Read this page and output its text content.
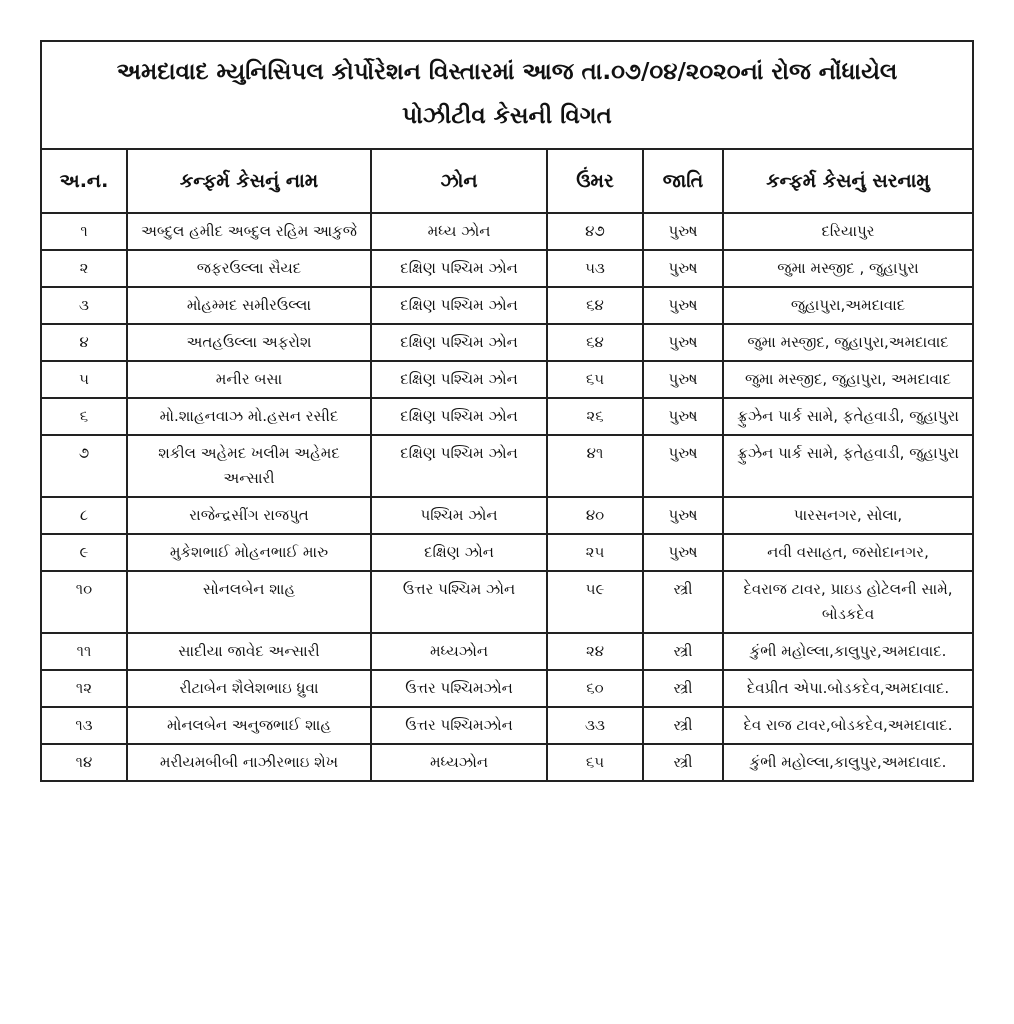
અમદાવાદ મ્યુનિસિપલ કોર્પોરેશન વિસ્તારમાં આજ તા.૦૭/૦૪/૨૦૨૦નાં રોજ નોંધાયેલ
પોઝીટીવ કેસની વિગત
અ.ન.	કન્ફર્મ કેસનું નામ	ઝોન	ઉંમર	જાતિ	કન્ફર્મ કેસનું સરનામુ
૧	અબ્દુલ હમીદ અબ્દુલ રહિમ આકુજે	મધ્ય ઝોન	૪૭	પુરુષ	દરિયાપુર
૨	જફરઉલ્લા સૈયદ	દક્ષિણ પશ્ચિમ ઝોન	૫૩	પુરુષ	જુમા મસ્જીદ , જુહાપુરા
૩	મોહમ્મદ સમીરઉલ્લા	દક્ષિણ પશ્ચિમ ઝોન	૬૪	પુરુષ	જુહાપુરા,અમદાવાદ
૪	અતહઉલ્લા અફરોશ	દક્ષિણ પશ્ચિમ ઝોન	૬૪	પુરુષ	જુમા મસ્જીદ, જુહાપુરા,અમદાવાદ
૫	મનીર બસા	દક્ષિણ પશ્ચિમ ઝોન	૬૫	પુરુષ	જુમા મસ્જીદ, જુહાપુરા, અમદાવાદ
૬	મો.શાહનવાઝ મો.હસન રસીદ	દક્ષિણ પશ્ચિમ ઝોન	૨૬	પુરુષ	ફ્રુઝેન પાર્ક સામે, ફતેહવાડી, જુહાપુરા
૭	શકીલ અહેમદ ખલીમ અહેમદ અન્સારી	દક્ષિણ પશ્ચિમ ઝોન	૪૧	પુરુષ	ફ્રુઝેન પાર્ક સામે, ફતેહવાડી, જુહાપુરા
૮	રાજેન્દ્રસીંગ રાજપુત	પશ્ચિમ ઝોન	૪૦	પુરુષ	પારસનગર, સોલા,
૯	મુકેશભાઈ મોહનભાઈ મારુ	દક્ષિણ ઝોન	૨૫	પુરુષ	નવી વસાહત, જસોદાનગર,
૧૦	સોનલબેન શાહ	ઉત્તર પશ્ચિમ ઝોન	૫૯	સ્ત્રી	દેવરાજ ટાવર, પ્રાઇડ હોટેલની સામે, બોડકદેવ
૧૧	સાદીયા જાવેદ અન્સારી	મધ્યઝોન	૨૪	સ્ત્રી	કુંભી મહોલ્લા,કાલુપુર,અમદાવાદ.
૧૨	રીટાબેન શૈલેશભાઇ ધ્રુવા	ઉત્તર પશ્ચિમઝોન	૬૦	સ્ત્રી	દેવપ્રીત એપા.બોડકદેવ,અમદાવાદ.
૧૩	મોનલબેન અનુજભાઈ શાહ	ઉત્તર પશ્ચિમઝોન	૩૩	સ્ત્રી	દેવ રાજ ટાવર,બોડકદેવ,અમદાવાદ.
૧૪	મરીયમબીબી નાઝીરભાઇ શેખ	મધ્યઝોન	૬૫	સ્ત્રી	કુંભી મહોલ્લા,કાલુપુર,અમદાવાદ.
